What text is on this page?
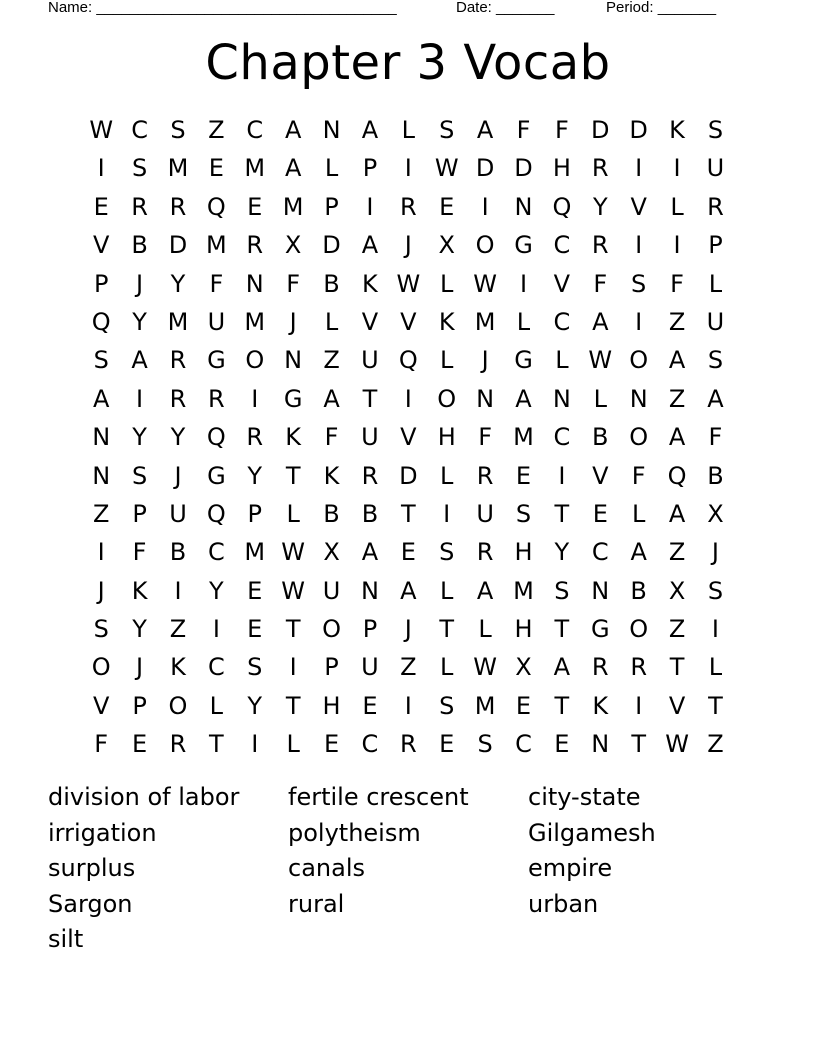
Name: ____________________________________	Date: _______	Period: _______
Chapter 3 Vocab
W C S Z C A N A L	S A F	F D D K S
I	S M E M A L	P	I W D D H R	I	I	U
E R R Q E M P	I	R E	I	N Q Y V L R
V B D M R X D A	J	X O G C R	I	I	P
P	J	Y	F N F B K W L W I	V F S F	L
Q Y M U M	J	L V V K M L C A	I	Z U
S A R G O N Z U Q L	J	G L W O A S
A	I	R R	I	G A T	I	O N A N L N Z A
N Y Y Q R K F U V H F M C B O A F
N S	J	G Y T K R D L R E	I	V F Q B
Z P U Q P	L B B T	I	U S T E	L A X
I	F B C M W X A E S R H Y C A Z	J
J	K	I	Y E W U N A L A M S N B X S
S Y Z	I	E T O P	J	T	L H T G O Z	I
O	J	K C S	I	P U Z L W X A R R T	L
V P O L	Y T H E	I	S M E T K	I	V T
F E R T	I	L	E C R E S C E N T W Z
division of labor	fertile crescent	city-state
irrigation	polytheism	Gilgamesh
surplus	canals	empire
Sargon	rural	urban
silt
